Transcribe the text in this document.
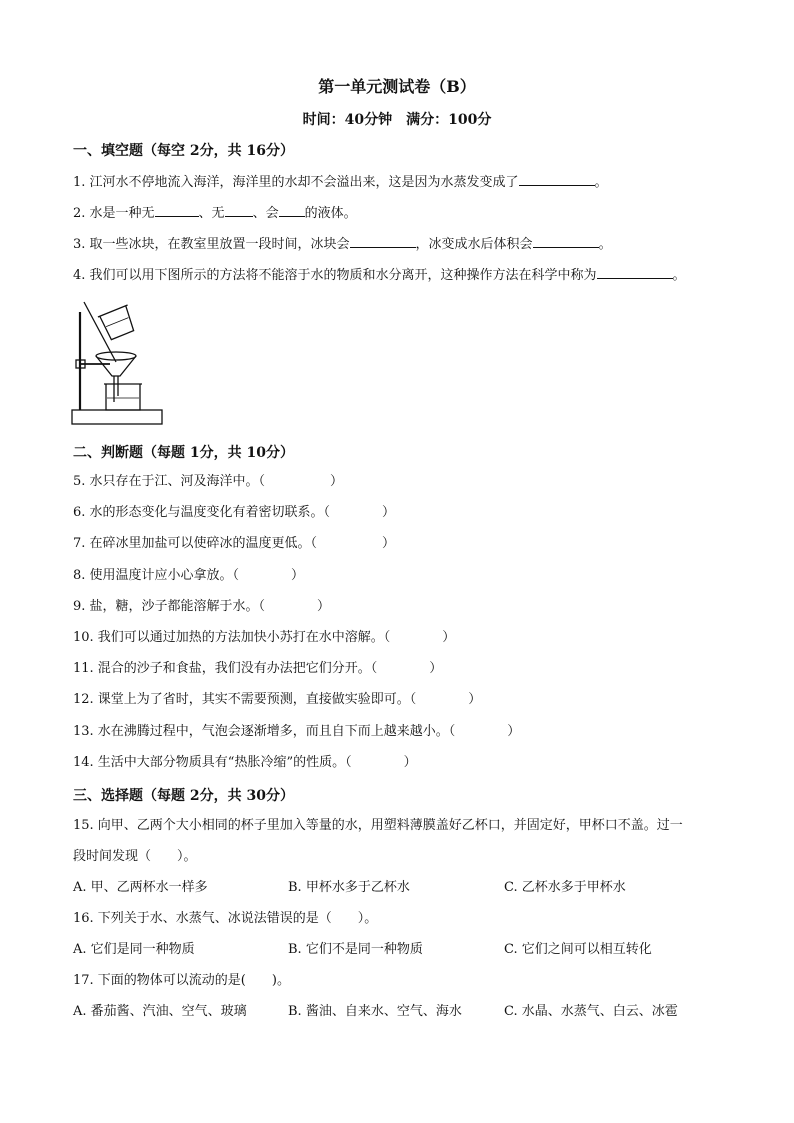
第一单元测试卷（B）
时间：40分钟　满分：100分
一、填空题（每空 2分，共 16分）
1. 江河水不停地流入海洋，海洋里的水却不会溢出来，这是因为水蒸发变成了	。
2. 水是一种无	、无 、会 的液体。
3. 取一些冰块，在教室里放置一段时间，冰块会	，冰变成水后体积会	。
4. 我们可以用下图所示的方法将不能溶于水的物质和水分离开，这种操作方法在科学中称为	。
二、判断题（每题 1分，共 10分）
5. 水只存在于江、河及海洋中。（　　　　　）
6. 水的形态变化与温度变化有着密切联系。（　　　　）
7. 在碎冰里加盐可以使碎冰的温度更低。（　　　　　）
8. 使用温度计应小心拿放。（　　　　）
9. 盐，糖，沙子都能溶解于水。（　　　　）
10. 我们可以通过加热的方法加快小苏打在水中溶解。（　　　　）
11. 混合的沙子和食盐，我们没有办法把它们分开。（　　　　）
12. 课堂上为了省时，其实不需要预测，直接做实验即可。（　　　　）
13. 水在沸腾过程中，气泡会逐渐增多，而且自下而上越来越小。（　　　　）
14. 生活中大部分物质具有“热胀冷缩”的性质。（　　　　）
三、选择题（每题 2分，共 30分）
15. 向甲、乙两个大小相同的杯子里加入等量的水，用塑料薄膜盖好乙杯口，并固定好，甲杯口不盖。过一
段时间发现（　　）。
A. 甲、乙两杯水一样多	B. 甲杯水多于乙杯水	C. 乙杯水多于甲杯水
16. 下列关于水、水蒸气、冰说法错误的是（　　）。
A. 它们是同一种物质	B. 它们不是同一种物质	C. 它们之间可以相互转化
17. 下面的物体可以流动的是(　　)。
A. 番茄酱、汽油、空气、玻璃	B. 酱油、自来水、空气、海水	C. 水晶、水蒸气、白云、冰雹
